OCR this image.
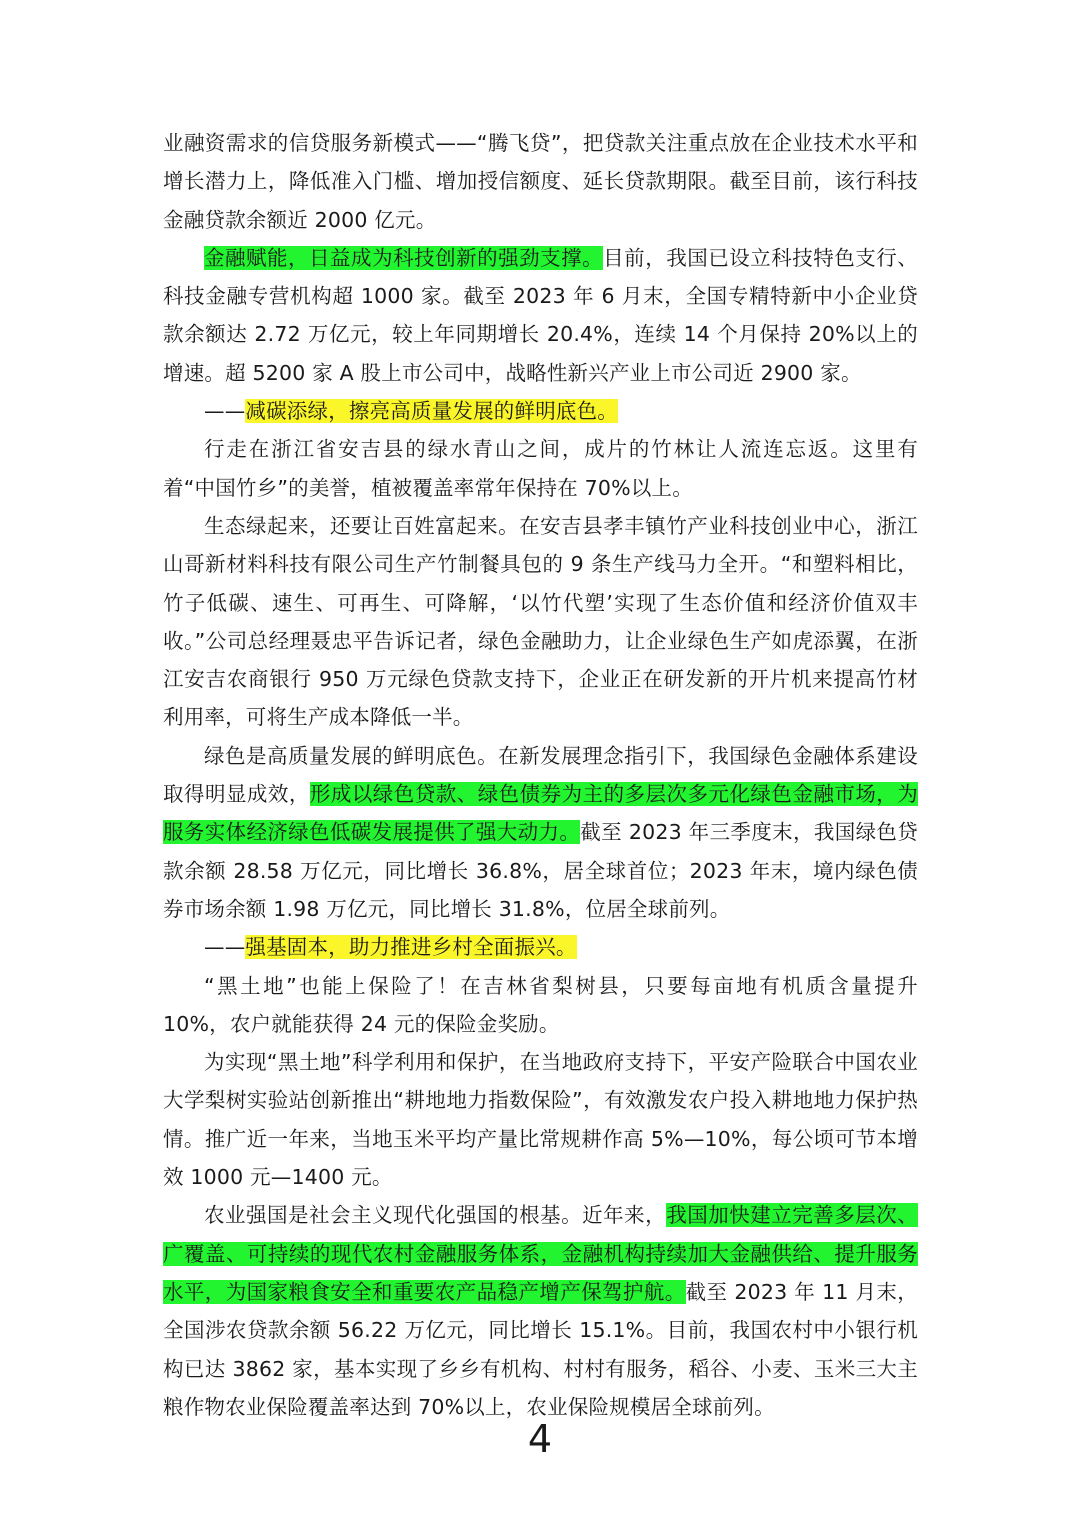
业融资需求的信贷服务新模式——“腾飞贷”，把贷款关注重点放在企业技术水平和增长潜力上，降低准入门槛、增加授信额度、延长贷款期限。截至目前，该行科技金融贷款余额近 2000 亿元。

金融赋能，日益成为科技创新的强劲支撑。目前，我国已设立科技特色支行、科技金融专营机构超 1000 家。截至 2023 年 6 月末，全国专精特新中小企业贷款余额达 2.72 万亿元，较上年同期增长 20.4%，连续 14 个月保持 20%以上的增速。超 5200 家 A 股上市公司中，战略性新兴产业上市公司近 2900 家。

——减碳添绿，擦亮高质量发展的鲜明底色。

行走在浙江省安吉县的绿水青山之间，成片的竹林让人流连忘返。这里有着“中国竹乡”的美誉，植被覆盖率常年保持在 70%以上。

生态绿起来，还要让百姓富起来。在安吉县孝丰镇竹产业科技创业中心，浙江山哥新材料科技有限公司生产竹制餐具包的 9 条生产线马力全开。“和塑料相比，竹子低碳、速生、可再生、可降解，‘以竹代塑’实现了生态价值和经济价值双丰收。”公司总经理聂忠平告诉记者，绿色金融助力，让企业绿色生产如虎添翼，在浙江安吉农商银行 950 万元绿色贷款支持下，企业正在研发新的开片机来提高竹材利用率，可将生产成本降低一半。

绿色是高质量发展的鲜明底色。在新发展理念指引下，我国绿色金融体系建设取得明显成效，形成以绿色贷款、绿色债券为主的多层次多元化绿色金融市场，为服务实体经济绿色低碳发展提供了强大动力。截至 2023 年三季度末，我国绿色贷款余额 28.58 万亿元，同比增长 36.8%，居全球首位；2023 年末，境内绿色债券市场余额 1.98 万亿元，同比增长 31.8%，位居全球前列。

——强基固本，助力推进乡村全面振兴。

“黑土地”也能上保险了！在吉林省梨树县，只要每亩地有机质含量提升 10%，农户就能获得 24 元的保险金奖励。

为实现“黑土地”科学利用和保护，在当地政府支持下，平安产险联合中国农业大学梨树实验站创新推出“耕地地力指数保险”，有效激发农户投入耕地地力保护热情。推广近一年来，当地玉米平均产量比常规耕作高 5%—10%，每公顷可节本增效 1000 元—1400 元。

农业强国是社会主义现代化强国的根基。近年来，我国加快建立完善多层次、广覆盖、可持续的现代农村金融服务体系，金融机构持续加大金融供给、提升服务水平，为国家粮食安全和重要农产品稳产增产保驾护航。截至 2023 年 11 月末，全国涉农贷款余额 56.22 万亿元，同比增长 15.1%。目前，我国农村中小银行机构已达 3862 家，基本实现了乡乡有机构、村村有服务，稻谷、小麦、玉米三大主粮作物农业保险覆盖率达到 70%以上，农业保险规模居全球前列。

4
